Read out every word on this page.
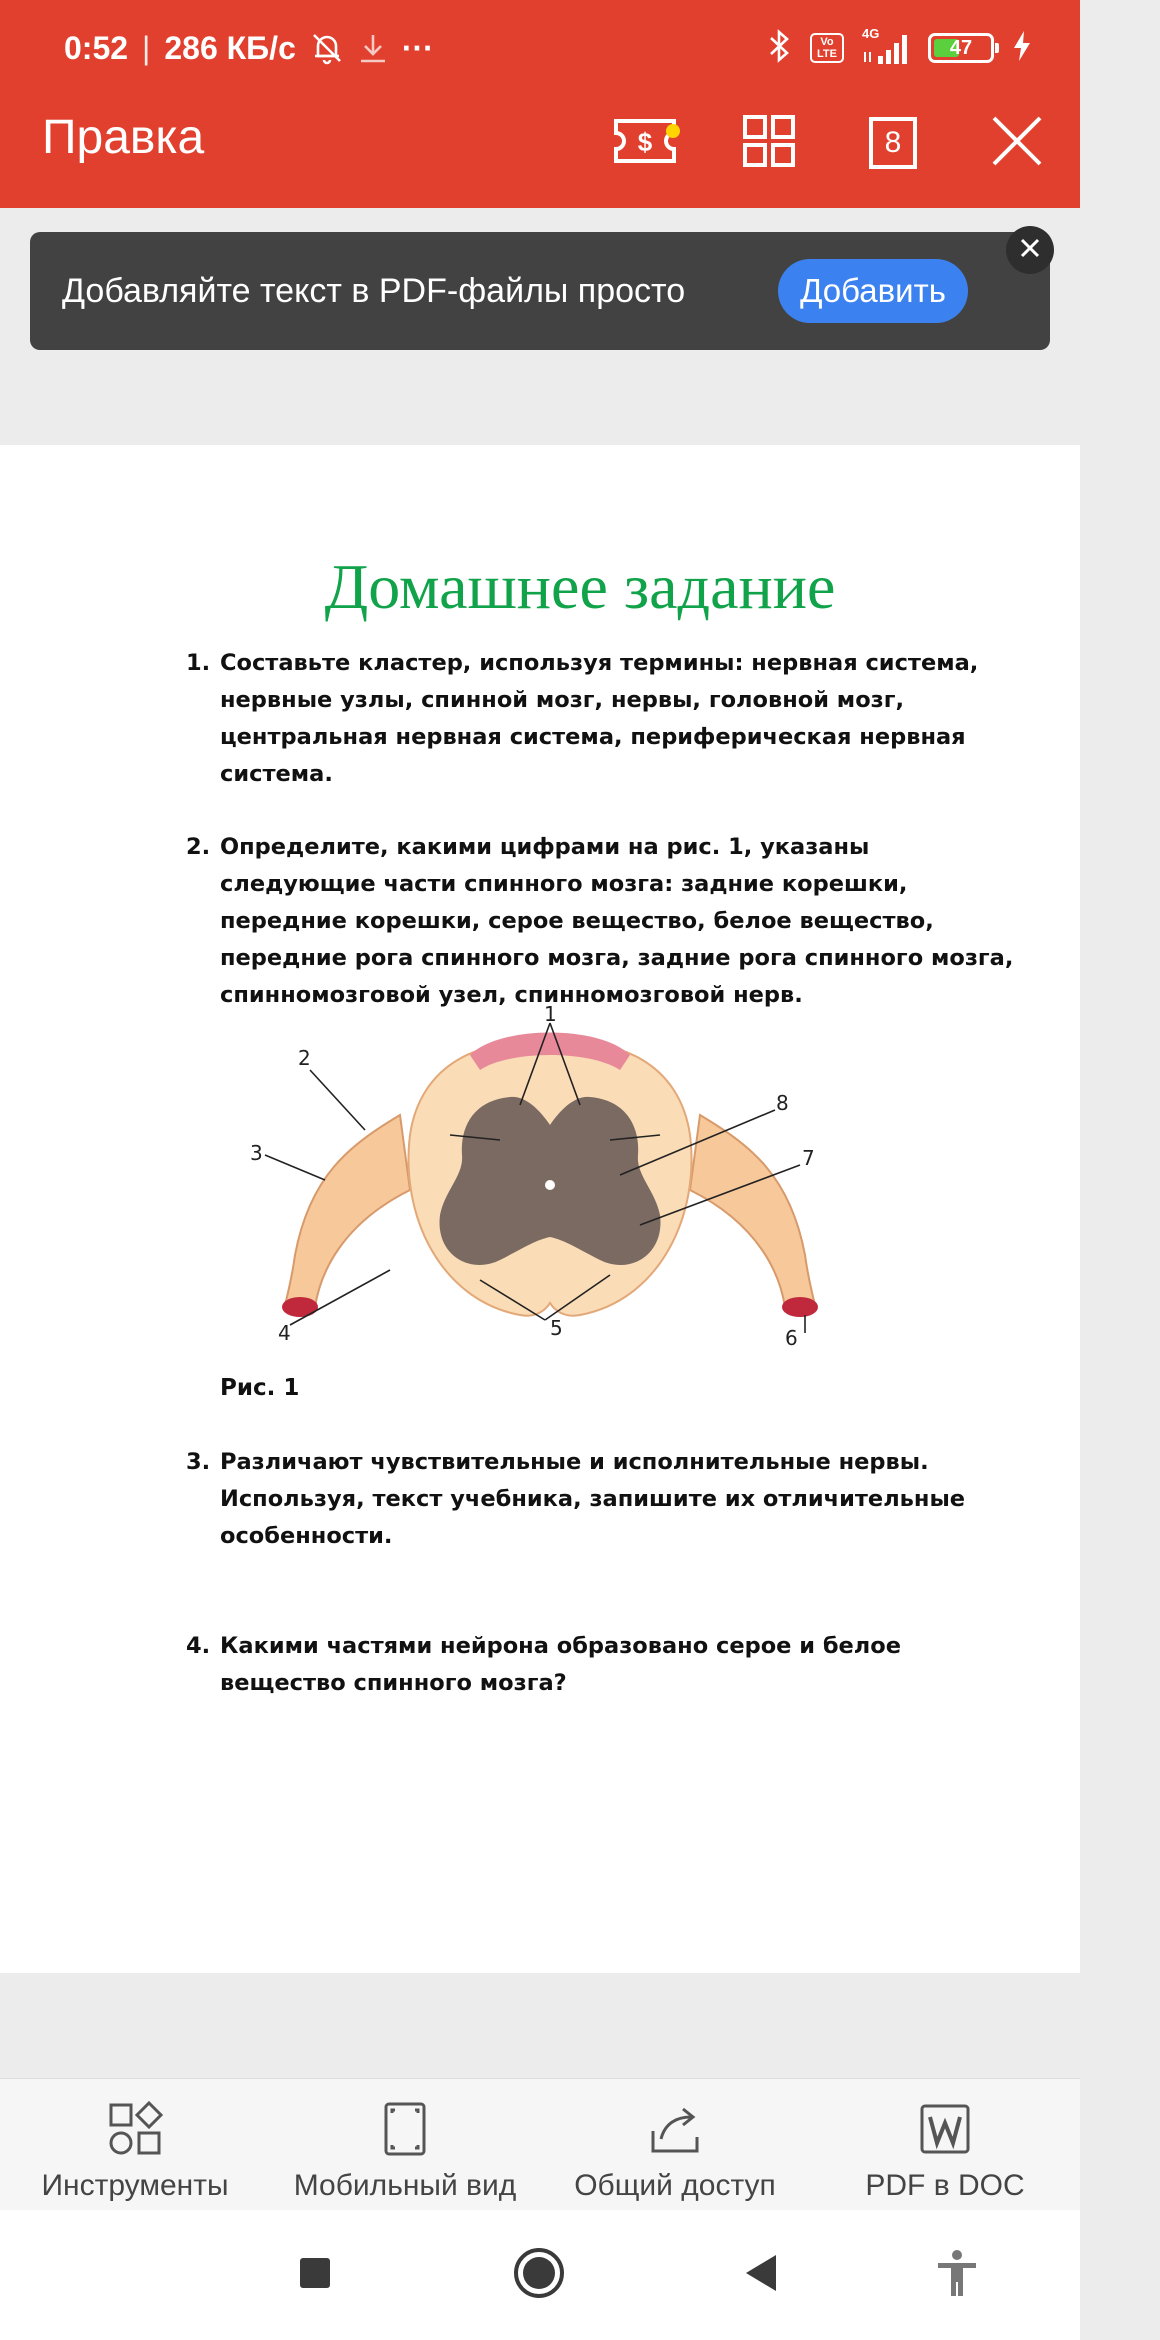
0:52 | 286 КБ/с	···	Vo LTE
4G
47
Правка	$	8
Добавляйте текст в PDF-файлы просто	Добавить
Домашнее задание
1. Составьте кластер, используя термины: нервная система, нервные узлы, спинной мозг, нервы, головной мозг, центральная нервная система, периферическая нервная система.
2. Определите, какими цифрами на рис. 1, указаны следующие части спинного мозга: задние корешки, передние корешки, серое вещество, белое вещество, передние рога спинного мозга, задние рога спинного мозга, спинномозговой узел, спинномозговой нерв.
1
2
3
4	5	6
7
8
Рис. 1
3. Различают чувствительные и исполнительные нервы. Используя, текст учебника, запишите их отличительные особенности.
4. Какими частями нейрона образовано серое и белое вещество спинного мозга?
Инструменты Мобильный вид Общий доступ	PDF в DOC
